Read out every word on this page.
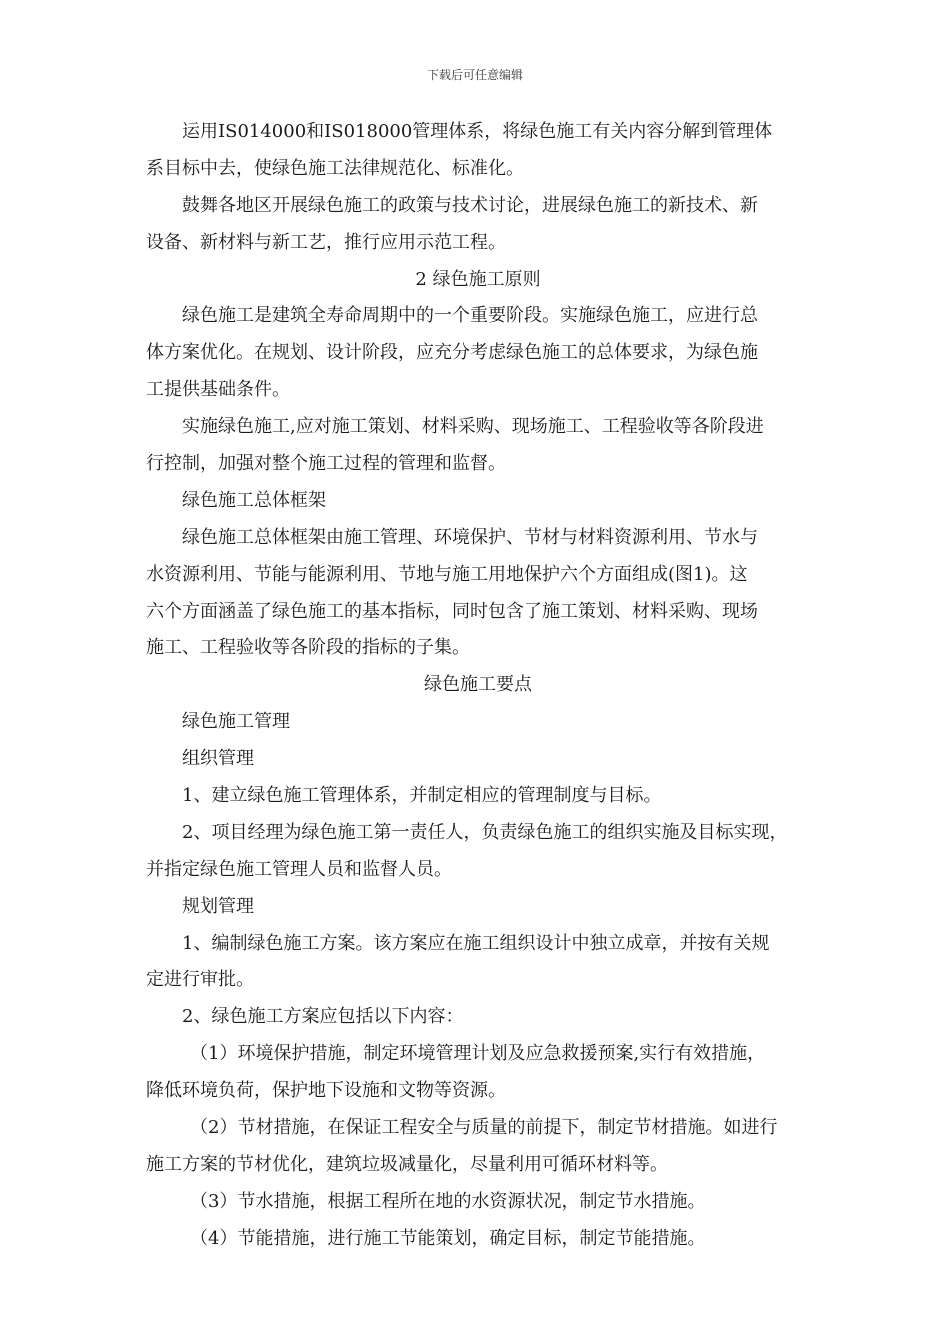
下载后可任意编辑
运用IS014000和IS018000管理体系，将绿色施工有关内容分解到管理体
系目标中去，使绿色施工法律规范化、标准化。
鼓舞各地区开展绿色施工的政策与技术讨论，进展绿色施工的新技术、新
设备、新材料与新工艺，推行应用示范工程。
2 绿色施工原则
绿色施工是建筑全寿命周期中的一个重要阶段。实施绿色施工，应进行总
体方案优化。在规划、设计阶段，应充分考虑绿色施工的总体要求，为绿色施
工提供基础条件。
实施绿色施工,应对施工策划、材料采购、现场施工、工程验收等各阶段进
行控制，加强对整个施工过程的管理和监督。
绿色施工总体框架
绿色施工总体框架由施工管理、环境保护、节材与材料资源利用、节水与
水资源利用、节能与能源利用、节地与施工用地保护六个方面组成(图1)。这
六个方面涵盖了绿色施工的基本指标，同时包含了施工策划、材料采购、现场
施工、工程验收等各阶段的指标的子集。
绿色施工要点
绿色施工管理
组织管理
1、建立绿色施工管理体系，并制定相应的管理制度与目标。
2、项目经理为绿色施工第一责任人，负责绿色施工的组织实施及目标实现，
并指定绿色施工管理人员和监督人员。
规划管理
1、编制绿色施工方案。该方案应在施工组织设计中独立成章，并按有关规
定进行审批。
2、绿色施工方案应包括以下内容：
（1）环境保护措施，制定环境管理计划及应急救援预案,实行有效措施，
降低环境负荷，保护地下设施和文物等资源。
（2）节材措施，在保证工程安全与质量的前提下，制定节材措施。如进行
施工方案的节材优化，建筑垃圾减量化，尽量利用可循环材料等。
（3）节水措施，根据工程所在地的水资源状况，制定节水措施。
（4）节能措施，进行施工节能策划，确定目标，制定节能措施。
